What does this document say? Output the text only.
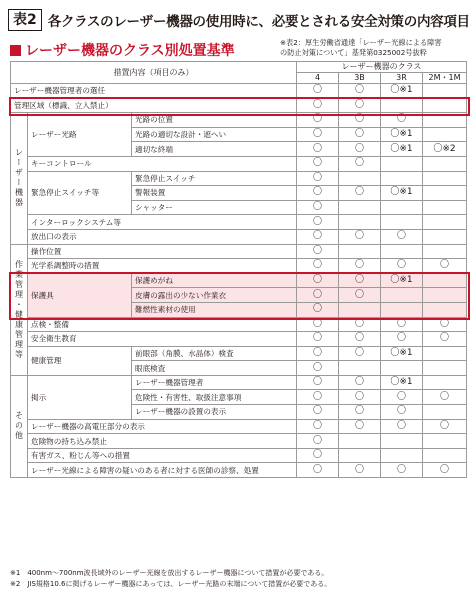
表2 各クラスのレーザー機器の使用時に、必要とされる安全対策の内容項目
レーザー機器のクラス別処置基準
※表2：厚生労働省通達「レーザー光線による障害
の防止対策について」基発第0325002号抜粋
措置内容（項目のみ）			レーザー機器のクラス			
			4	3B	3R	2M・1M
レーザー機器管理者の選任			〇	〇	〇※1	
管理区域（標識、立入禁止）			〇	〇		
レーザー機器	レーザー光路	光路の位置	〇	〇	〇	
		光路の適切な設計・遮へい	〇	〇	〇※1	
		適切な終端	〇	〇	〇※1	〇※2
	キーコントロール		〇	〇		
	緊急停止スイッチ等	緊急停止スイッチ	〇			
		警報装置	〇	〇	〇※1	
		シャッター	〇			
	インターロックシステム等		〇			
	放出口の表示		〇	〇	〇	
作業管理・健康管理等	操作位置		〇			
	光学系調整時の措置		〇	〇	〇	〇
	保護具	保護めがね	〇	〇	〇※1	
		皮膚の露出の少ない作業衣	〇	〇		
		難燃性素材の使用	〇			
	点検・整備		〇	〇	〇	〇
	安全衛生教育		〇	〇	〇	〇
	健康管理	前眼部（角膜、水晶体）検査	〇	〇	〇※1	
		眼底検査	〇			
その他	掲示	レーザー機器管理者	〇	〇	〇※1	
		危険性・有害性、取扱注意事項	〇	〇	〇	〇
		レーザー機器の設置の表示	〇	〇	〇	
	レーザー機器の高電圧部分の表示		〇	〇	〇	〇
	危険物の持ち込み禁止		〇			
	有害ガス、粉じん等への措置		〇			
	レーザー光線による障害の疑いのある者に対する医師の診察、処置		〇	〇	〇	〇
※1　400nm〜700nm波長域外のレーザー光線を放出するレーザー機器について措置が必要である。
※2　JIS規格10.6に掲げるレーザー機器にあっては、レーザー光路の末端について措置が必要である。
